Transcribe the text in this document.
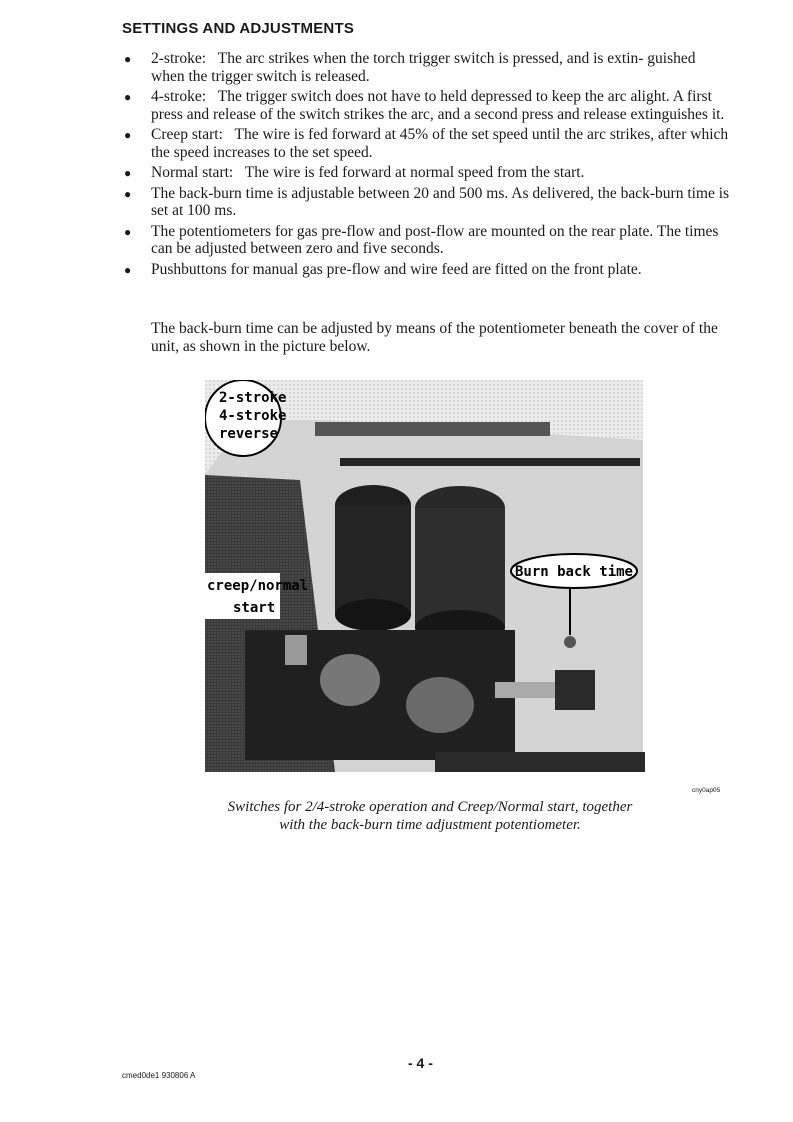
SETTINGS AND ADJUSTMENTS
● 2-stroke: The arc strikes when the torch trigger switch is pressed, and is extin- guished when the trigger switch is released.
● 4-stroke: The trigger switch does not have to held depressed to keep the arc alight. A first press and release of the switch strikes the arc, and a second press and release extinguishes it.
● Creep start: The wire is fed forward at 45% of the set speed until the arc strikes, after which the speed increases to the set speed.
● Normal start: The wire is fed forward at normal speed from the start.
● The back-burn time is adjustable between 20 and 500 ms. As delivered, the back-burn time is set at 100 ms.
● The potentiometers for gas pre-flow and post-flow are mounted on the rear plate. The times can be adjusted between zero and five seconds.
● Pushbuttons for manual gas pre-flow and wire feed are fitted on the front plate.

The back-burn time can be adjusted by means of the potentiometer beneath the cover of the unit, as shown in the picture below.

2-stroke
4-stroke
reverse
creep/normal
start
Burn back time
cny0ap05
Switches for 2/4-stroke operation and Creep/Normal start, together
with the back-burn time adjustment potentiometer.
- 4 -
cmed0de1 930806 A
